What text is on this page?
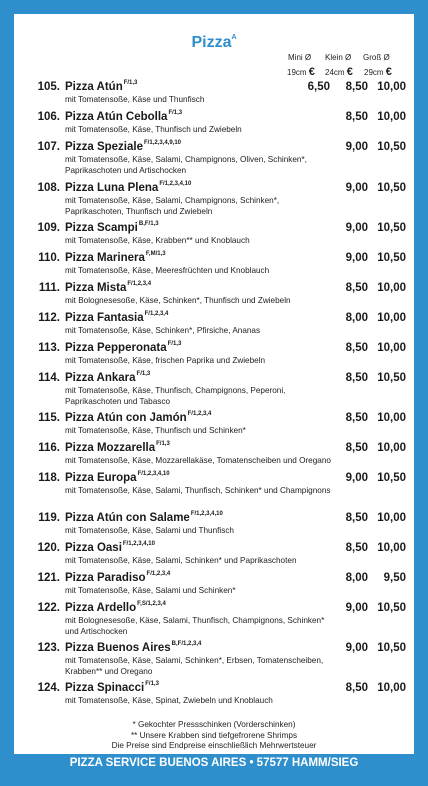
Pizza$^A$
Mini Ø Klein Ø Groß Ø
19cm € 24cm € 29cm €
105. Pizza Atún$^{F/1,3}$
mit Tomatensoße, Käse und Thunfisch
6,50	8,50 10,00
106. Pizza Atún Cebolla$^{F/1,3}$
mit Tomatensoße, Käse, Thunfisch und Zwiebeln
8,50 10,00
107. Pizza Speziale$^{F/1,2,3,4,9,10}$
mit Tomatensoße, Käse, Salami, Champignons, Oliven, Schinken*, Paprikaschoten und Artischocken
9,00 10,50
108. Pizza Luna Plena$^{F/1,2,3,4,10}$
mit Tomatensoße, Käse, Salami, Champignons, Schinken*, Paprikaschoten, Thunfisch und Zwiebeln
9,00 10,50
109. Pizza Scampi$^{B,F/1,3}$
mit Tomatensoße, Käse, Krabben** und Knoblauch
9,00 10,50
110. Pizza Marinera$^{F,M/1,3}$
mit Tomatensoße, Käse, Meeresfrüchten und Knoblauch
9,00 10,50
111. Pizza Mista$^{F/1,2,3,4}$
mit Bolognesesoße, Käse, Schinken*, Thunfisch und Zwiebeln
8,50 10,00
112. Pizza Fantasia$^{F/1,2,3,4}$
mit Tomatensoße, Käse, Schinken*, Pfirsiche, Ananas
8,00 10,00
113. Pizza Pepperonata$^{F/1,3}$
mit Tomatensoße, Käse, frischen Paprika und Zwiebeln
8,50 10,00
114. Pizza Ankara$^{F/1,3}$
mit Tomatensoße, Käse, Thunfisch, Champignons, Peperoni, Paprikaschoten und Tabasco
8,50 10,50
115. Pizza Atún con Jamón$^{F/1,2,3,4}$
mit Tomatensoße, Käse, Thunfisch und Schinken*
8,50 10,00
116. Pizza Mozzarella$^{F/1,3}$
mit Tomatensoße, Käse, Mozzarellakäse, Tomatenscheiben und Oregano
8,50 10,00
118. Pizza Europa$^{F/1,2,3,4,10}$
mit Tomatensoße, Käse, Salami, Thunfisch, Schinken* und Champignons
9,00 10,50
119. Pizza Atún con Salame$^{F/1,2,3,4,10}$
mit Tomatensoße, Käse, Salami und Thunfisch
8,50 10,00
120. Pizza Oasi$^{F/1,2,3,4,10}$
mit Tomatensoße, Käse, Salami, Schinken* und Paprikaschoten
8,50 10,00
121. Pizza Paradiso$^{F/1,2,3,4}$
mit Tomatensoße, Käse, Salami und Schinken*
8,00	9,50
122. Pizza Ardello$^{F,S/1,2,3,4}$
mit Bolognesesoße, Käse, Salami, Thunfisch, Champignons, Schinken* und Artischocken
9,00 10,50
123. Pizza Buenos Aires$^{B,F/1,2,3,4}$
mit Tomatensoße, Käse, Salami, Schinken*, Erbsen, Tomatenscheiben, Krabben** und Oregano
9,00 10,50
124. Pizza Spinacci$^{F/1,3}$
mit Tomatensoße, Käse, Spinat, Zwiebeln und Knoblauch
8,50 10,00
* Gekochter Pressschinken (Vorderschinken)
** Unsere Krabben sind tiefgefrorene Shrimps
Die Preise sind Endpreise einschließlich Mehrwertsteuer
PIZZA SERVICE BUENOS AIRES • 57577 HAMM/SIEG
